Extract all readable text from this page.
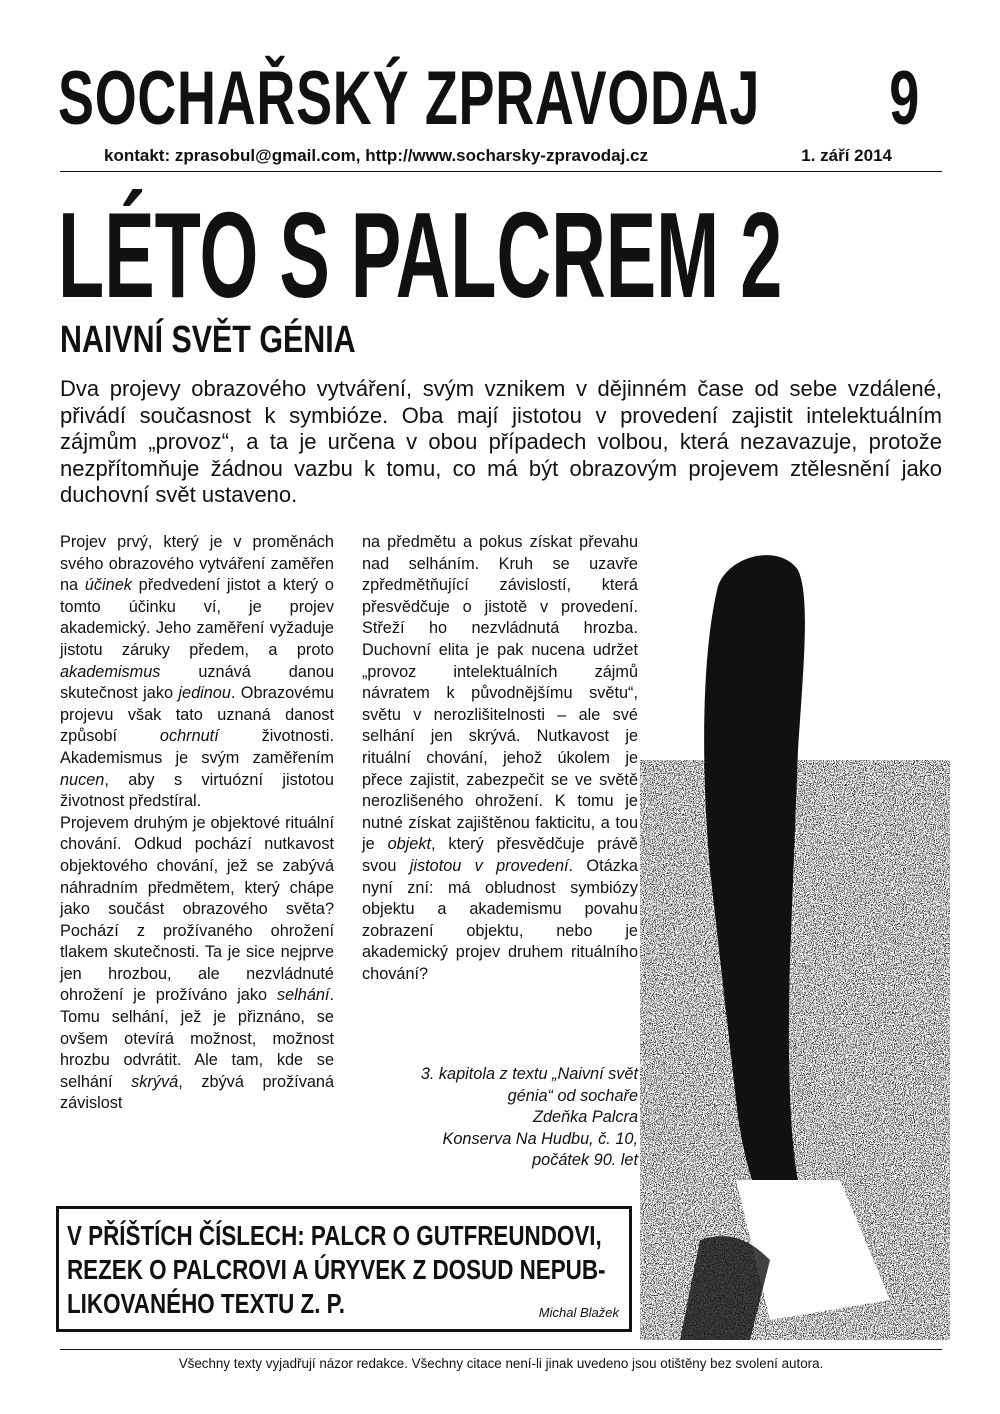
SOCHAŘSKÝ ZPRAVODAJ 9
kontakt: zprasobul@gmail.com, http://www.socharsky-zpravodaj.cz	1. září 2014
LÉTO S PALCREM 2
NAIVNÍ SVĚT GÉNIA

Dva projevy obrazového vytváření, svým vznikem v dějinném čase od sebe vzdálené, přivádí současnost k symbióze. Oba mají jistotou v provedení zajistit intelektuálním zájmům „provoz“, a ta je určena v obou případech volbou, která nezavazuje, protože nezpřítomňuje žádnou vazbu k tomu, co má být obrazovým projevem ztělesnění jako duchovní svět ustaveno.

Projev prvý, který je v proměnách svého obrazového vytváření zaměřen na účinek předvedení jistot a který o tomto účinku ví, je projev akademický. Jeho zaměření vyžaduje jistotu záruky předem, a proto akademismus uznává danou skutečnost jako jedinou. Obrazovému projevu však tato uznaná danost způsobí ochrnutí životnosti. Akademismus je svým zaměřením nucen, aby s virtuózní jistotou životnost předstíral.

Projevem druhým je objektové rituální chování. Odkud pochází nutkavost objektového chování, jež se zabývá náhradním předmětem, který chápe jako součást obrazového světa? Pochází z prožívaného ohrožení tlakem skutečnosti. Ta je sice nejprve jen hrozbou, ale nezvládnuté ohrožení je prožíváno jako selhání. Tomu selhání, jež je přiznáno, se ovšem otevírá možnost, možnost hrozbu odvrátit. Ale tam, kde se selhání skrývá, zbývá prožívaná závislost

na předmětu a pokus získat převahu nad selháním. Kruh se uzavře zpředmětňující závislostí, která přesvědčuje o jistotě v provedení. Střeží ho nezvládnutá hrozba. Duchovní elita je pak nucena udržet „provoz intelektuálních zájmů návratem k původnějšímu světu“, světu v nerozlišitelnosti – ale své selhání jen skrývá. Nutkavost je rituální chování, jehož úkolem je přece zajistit, zabezpečit se ve světě nerozlišeného ohrožení. K tomu je nutné získat zajištěnou fakticitu, a tou je objekt, který přesvědčuje právě svou jistotou v provedení. Otázka nyní zní: má obludnost symbiózy objektu a akademismu povahu zobrazení objektu, nebo je akademický projev druhem rituálního chování?

3. kapitola z textu „Naivní svět
génia“ od sochaře
Zdeňka Palcra
Konserva Na Hudbu, č. 10,
počátek 90. let
V PŘÍŠTÍCH ČÍSLECH: PALCR O GUTFREUNDOVI,
REZEK O PALCROVI A ÚRYVEK Z DOSUD NEPUB-
LIKOVANÉHO TEXTU Z. P.	Michal Blažek
Všechny texty vyjadřují názor redakce. Všechny citace není-li jinak uvedeno jsou otištěny bez svolení autora.
